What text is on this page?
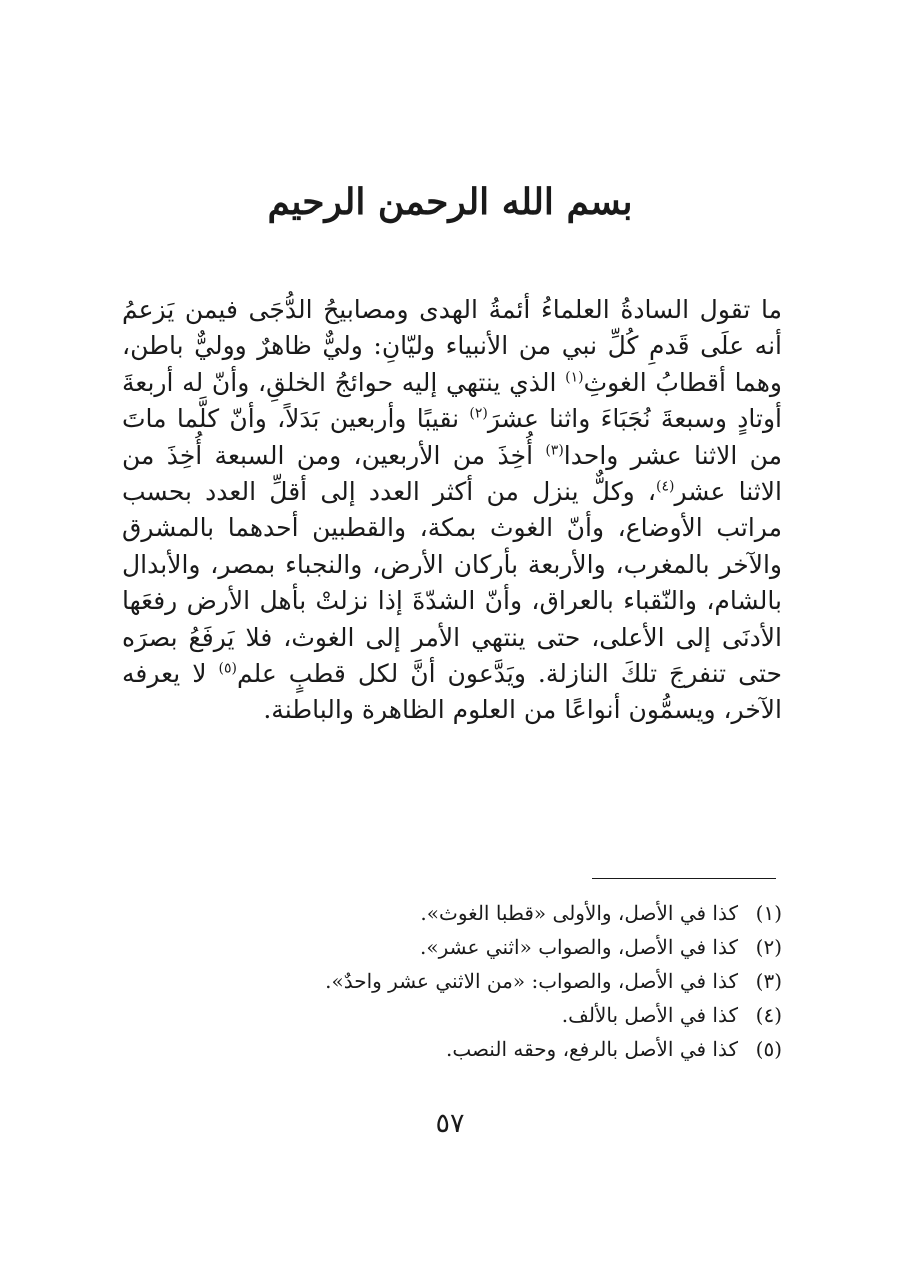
بسم الله الرحمن الرحيم

ما تقول السادةُ العلماءُ أئمةُ الهدى ومصابيحُ الدُّجَى فيمن يَزعمُ أنه علَى قَدمِ كُلِّ نبي من الأنبياء وليّانِ: وليٌّ ظاهرٌ ووليٌّ باطن، وهما أقطابُ الغوثِ$^{(١)}$ الذي ينتهي إليه حوائجُ الخلقِ، وأنّ له أربعةَ أوتادٍ وسبعةَ نُجَبَاءَ واثنا عشرَ$^{(٢)}$ نقيبًا وأربعين بَدَلاً، وأنّ كلَّما ماتَ من الاثنا عشر واحدا$^{(٣)}$ أُخِذَ من الأربعين، ومن السبعة أُخِذَ من الاثنا عشر$^{(٤)}$، وكلٌّ ينزل من أكثر العدد إلى أقلِّ العدد بحسب مراتب الأوضاع، وأنّ الغوث بمكة، والقطبين أحدهما بالمشرق والآخر بالمغرب، والأربعة بأركان الأرض، والنجباء بمصر، والأبدال بالشام، والنّقباء بالعراق، وأنّ الشدّةَ إذا نزلتْ بأهل الأرض رفعَها الأدنَى إلى الأعلى، حتى ينتهي الأمر إلى الغوث، فلا يَرفَعُ بصرَه حتى تنفرجَ تلكَ النازلة. ويَدَّعون أنَّ لكل قطبٍ علم$^{(٥)}$ لا يعرفه الآخر، ويسمُّون أنواعًا من العلوم الظاهرة والباطنة.

(١)
كذا في الأصل، والأولى «قطبا الغوث».
(٢)
كذا في الأصل، والصواب «اثني عشر».
(٣)
كذا في الأصل، والصواب: «من الاثني عشر واحدٌ».
(٤)
كذا في الأصل بالألف.
(٥)
كذا في الأصل بالرفع، وحقه النصب.
٥٧
